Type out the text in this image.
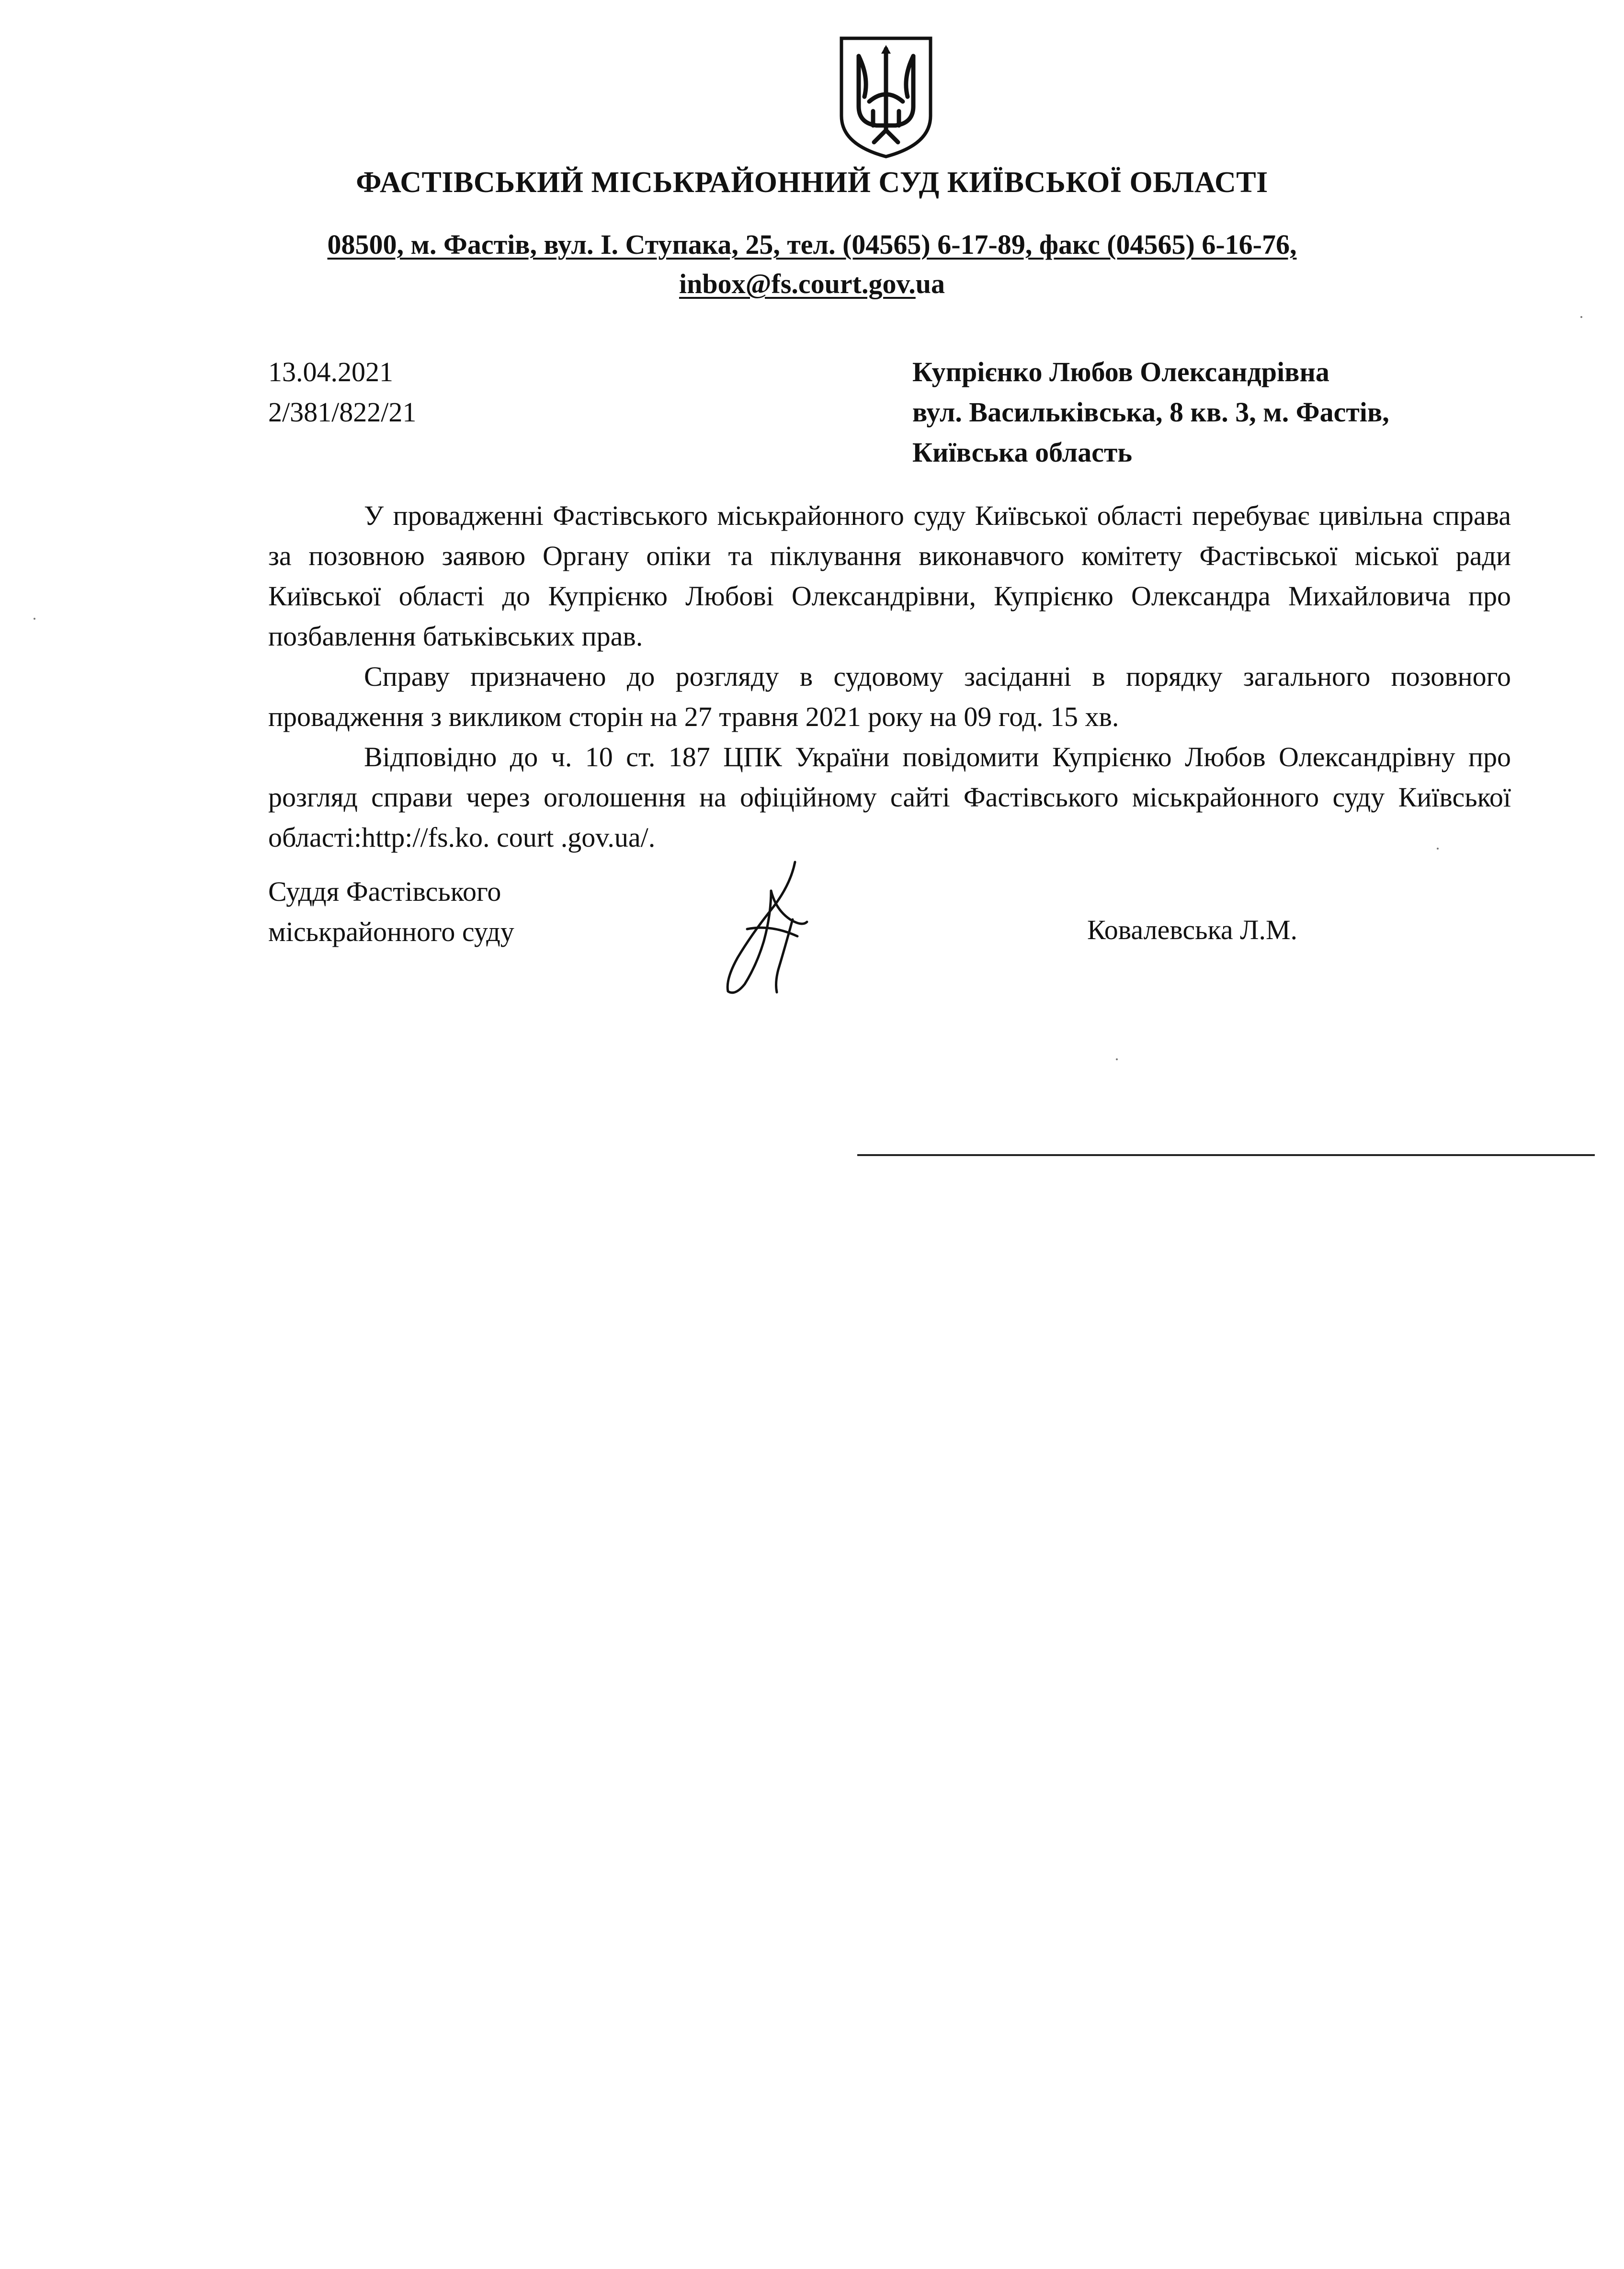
ФАСТІВСЬКИЙ МІСЬКРАЙОННИЙ СУД КИЇВСЬКОЇ ОБЛАСТІ
08500, м. Фастів, вул. І. Ступака, 25, тел. (04565) 6-17-89, факс (04565) 6-16-76,
inbox@fs.court.gov.ua
13.04.2021
2/381/822/21
Купрієнко Любов Олександрівна
вул. Васильківська, 8 кв. 3, м. Фастів,
Київська область

У провадженні Фастівського міськрайонного суду Київської області перебуває цивільна справа за позовною заявою Органу опіки та піклування виконавчого комітету Фастівської міської ради Київської області до Купрієнко Любові Олександрівни, Купрієнко Олександра Михайловича про позбавлення батьківських прав.

Справу призначено до розгляду в судовому засіданні в порядку загального позовного провадження з викликом сторін на 27 травня 2021 року на 09 год. 15 хв.

Відповідно до ч. 10 ст. 187 ЦПК України повідомити Купрієнко Любов Олександрівну про розгляд справи через оголошення на офіційному сайті Фастівського міськрайонного суду Київської області:http://fs.ko. court .gov.ua/.

Суддя Фастівського
міськрайонного суду	Ковалевська Л.М.
